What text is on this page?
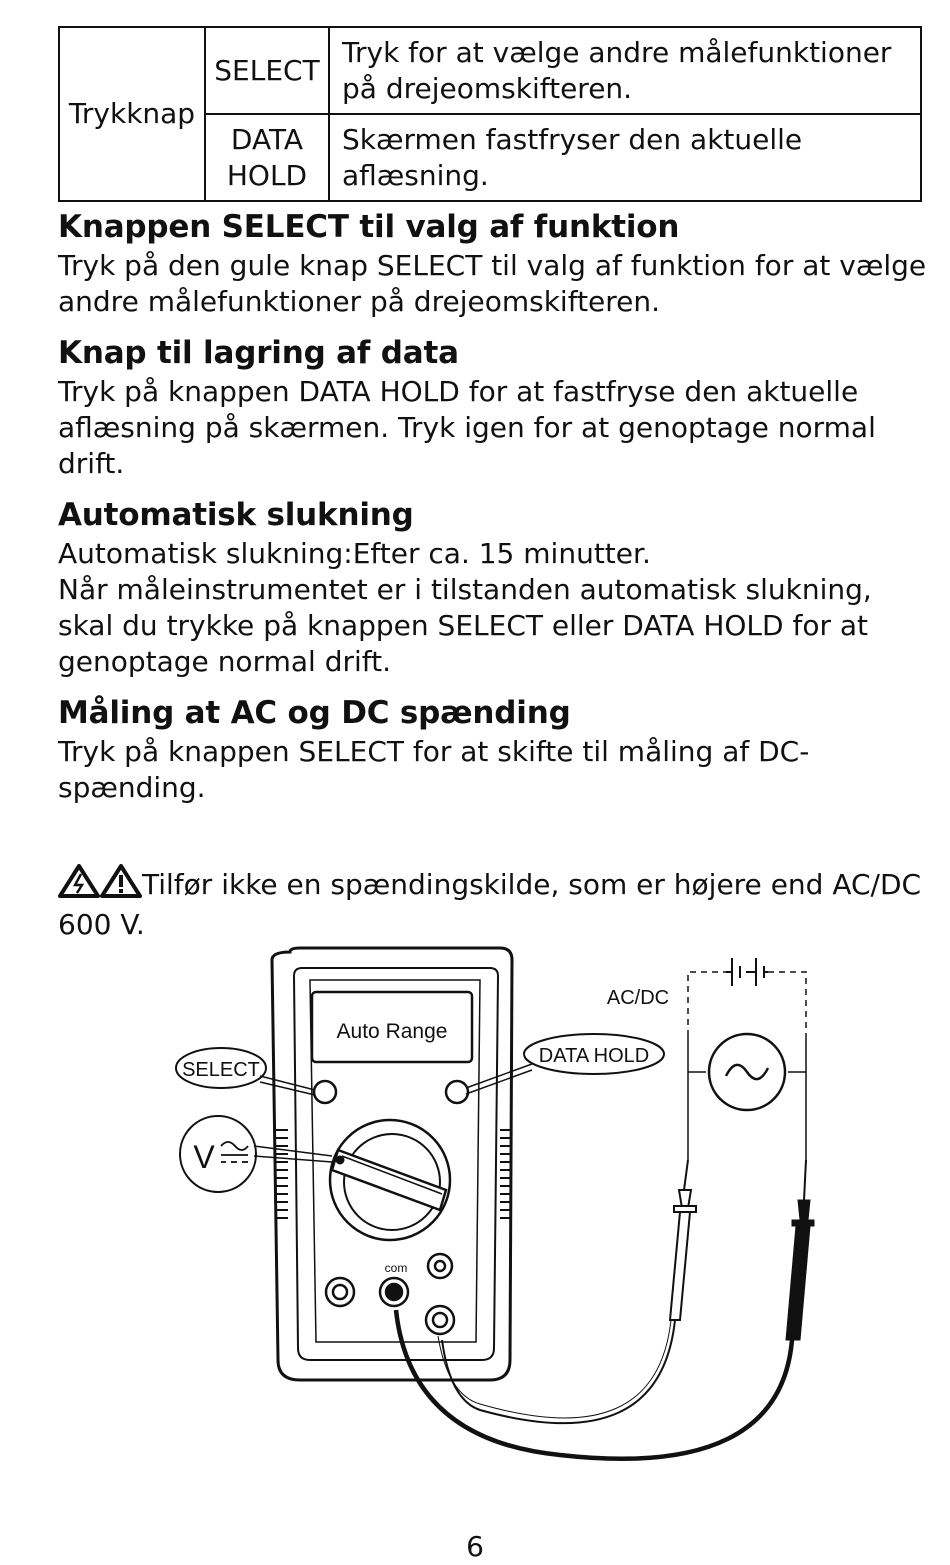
Trykknap	SELECT	Tryk for at vælge andre målefunktioner på drejeomskifteren.
	DATA HOLD	Skærmen fastfryser den aktuelle aflæsning.
Knappen SELECT til valg af funktion

Tryk på den gule knap SELECT til valg af funktion for at vælge andre målefunktioner på drejeomskifteren.

Knap til lagring af data

Tryk på knappen DATA HOLD for at fastfryse den aktuelle aflæsning på skærmen. Tryk igen for at genoptage normal drift.

Automatisk slukning

Automatisk slukning:Efter ca. 15 minutter.

Når måleinstrumentet er i tilstanden automatisk slukning, skal du trykke på knappen SELECT eller DATA HOLD for at genoptage normal drift.

Måling at AC og DC spænding

Tryk på knappen SELECT for at skifte til måling af DC-spænding.

Tilfør ikke en spændingskilde, som er højere end AC/DC 600 V.
Auto Range
com
SELECT
DATA HOLD
V
AC/DC
6
